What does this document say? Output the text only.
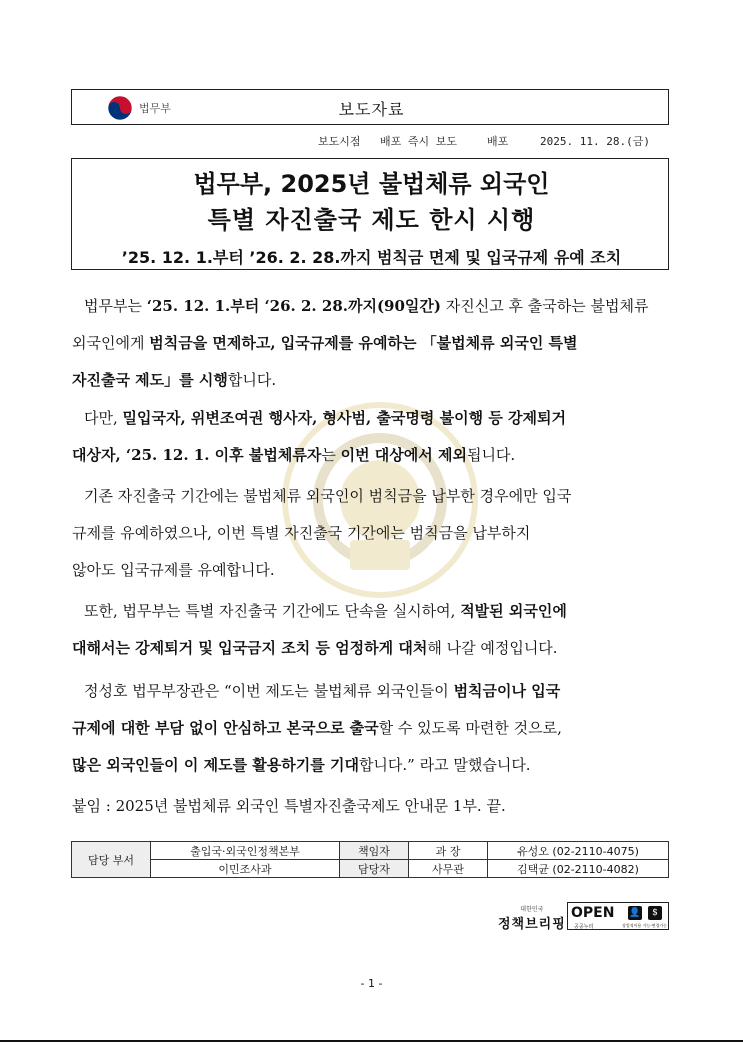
법무부	보도자료
보도시점 배포 즉시 보도	배포	2025. 11. 28.(금)
법무부, 2025년 불법체류 외국인
특별 자진출국 제도 한시 시행
’25. 12. 1.부터 ’26. 2. 28.까지 범칙금 면제 및 입국규제 유예 조치
법무부는 ‘25. 12. 1.부터 ‘26. 2. 28.까지(90일간) 자진신고 후 출국하는 불법체류
외국인에게 범칙금을 면제하고, 입국규제를 유예하는 「불법체류 외국인 특별
자진출국 제도」를 시행합니다.
다만, 밀입국자, 위변조여권 행사자, 형사범, 출국명령 불이행 등 강제퇴거
대상자, ‘25. 12. 1. 이후 불법체류자는 이번 대상에서 제외됩니다.
기존 자진출국 기간에는 불법체류 외국인이 범칙금을 납부한 경우에만 입국
규제를 유예하였으나, 이번 특별 자진출국 기간에는 범칙금을 납부하지
않아도 입국규제를 유예합니다.
또한, 법무부는 특별 자진출국 기간에도 단속을 실시하여, 적발된 외국인에
대해서는 강제퇴거 및 입국금지 조치 등 엄정하게 대처해 나갈 예정입니다.
정성호 법무부장관은 “이번 제도는 불법체류 외국인들이 범칙금이나 입국
규제에 대한 부담 없이 안심하고 본국으로 출국할 수 있도록 마련한 것으로,
많은 외국인들이 이 제도를 활용하기를 기대합니다.” 라고 말했습니다.
붙임 : 2025년 불법체류 외국인 특별자진출국제도 안내문 1부. 끝.
담당 부서	출입국·외국인정책본부	책임자	과 장	유성오 (02-2110-4075)
	이민조사과	담당자	사무관	김택균 (02-2110-4082)
대한민국
정책브리핑
OPEN
공공누리
👤	$
상업적이용 가능·변경가능
- 1 -
